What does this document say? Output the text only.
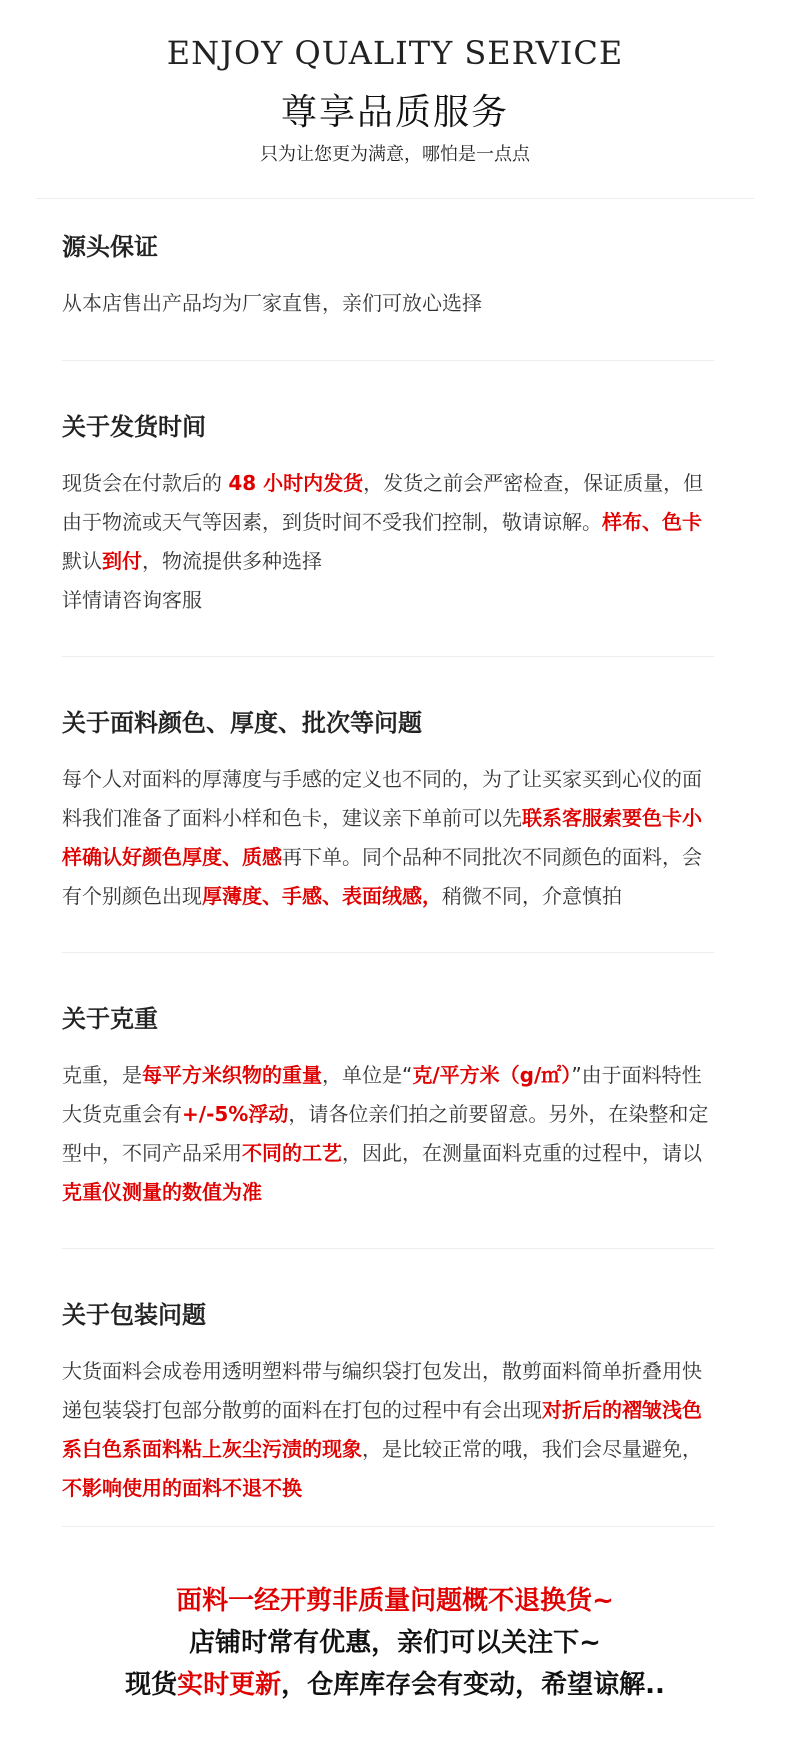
ENJOY QUALITY SERVICE
尊享品质服务
只为让您更为满意，哪怕是一点点
源头保证
从本店售出产品均为厂家直售，亲们可放心选择
关于发货时间
现货会在付款后的 48 小时内发货，发货之前会严密检查，保证质量，但由于物流或天气等因素，到货时间不受我们控制，敬请谅解。样布、色卡默认到付，物流提供多种选择
详情请咨询客服
关于面料颜色、厚度、批次等问题
每个人对面料的厚薄度与手感的定义也不同的，为了让买家买到心仪的面料我们准备了面料小样和色卡，建议亲下单前可以先联系客服索要色卡小样确认好颜色厚度、质感再下单。同个品种不同批次不同颜色的面料，会有个别颜色出现厚薄度、手感、表面绒感，稍微不同，介意慎拍
关于克重
克重，是每平方米织物的重量，单位是“克/平方米（g/㎡）”由于面料特性大货克重会有+/-5%浮动，请各位亲们拍之前要留意。另外，在染整和定型中，不同产品采用不同的工艺，因此，在测量面料克重的过程中，请以克重仪测量的数值为准
关于包装问题
大货面料会成卷用透明塑料带与编织袋打包发出，散剪面料简单折叠用快递包装袋打包部分散剪的面料在打包的过程中有会出现对折后的褶皱浅色系白色系面料粘上灰尘污渍的现象，是比较正常的哦，我们会尽量避免，不影响使用的面料不退不换
面料一经开剪非质量问题概不退换货~
店铺时常有优惠，亲们可以关注下~
现货实时更新，仓库库存会有变动，希望谅解..
